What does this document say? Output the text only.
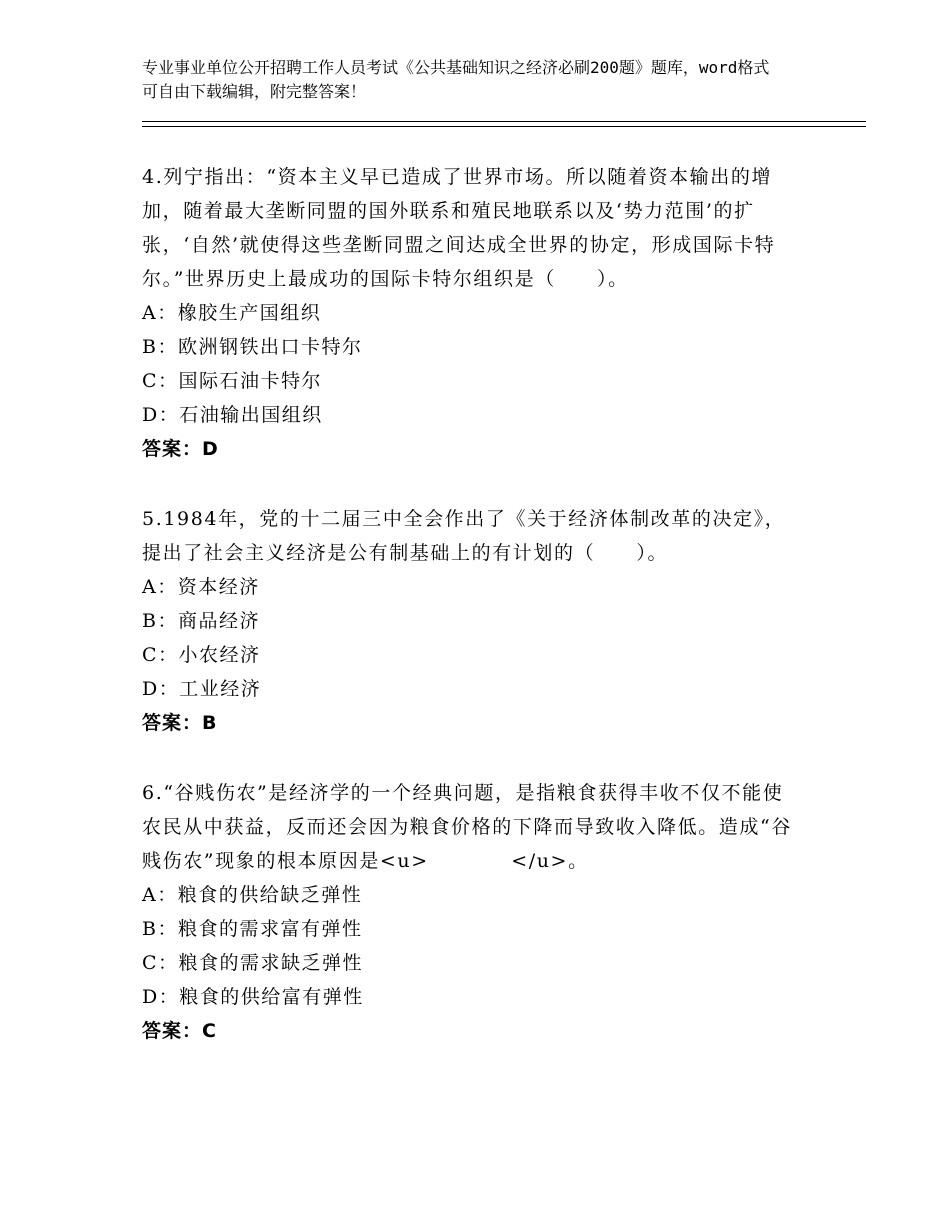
专业事业单位公开招聘工作人员考试《公共基础知识之经济必刷200题》题库，word格式可自由下载编辑，附完整答案！

4.列宁指出：“资本主义早已造成了世界市场。所以随着资本输出的增加，随着最大垄断同盟的国外联系和殖民地联系以及‘势力范围’的扩张，‘自然’就使得这些垄断同盟之间达成全世界的协定，形成国际卡特尔。”世界历史上最成功的国际卡特尔组织是（　　）。

A：橡胶生产国组织

B：欧洲钢铁出口卡特尔

C：国际石油卡特尔

D：石油输出国组织

答案：D

5.1984年，党的十二届三中全会作出了《关于经济体制改革的决定》，提出了社会主义经济是公有制基础上的有计划的（　　）。

A：资本经济

B：商品经济

C：小农经济

D：工业经济

答案：B

6.“谷贱伤农”是经济学的一个经典问题，是指粮食获得丰收不仅不能使农民从中获益，反而还会因为粮食价格的下降而导致收入降低。造成“谷贱伤农”现象的根本原因是<u>　　　　</u>。

A：粮食的供给缺乏弹性

B：粮食的需求富有弹性

C：粮食的需求缺乏弹性

D：粮食的供给富有弹性

答案：C
